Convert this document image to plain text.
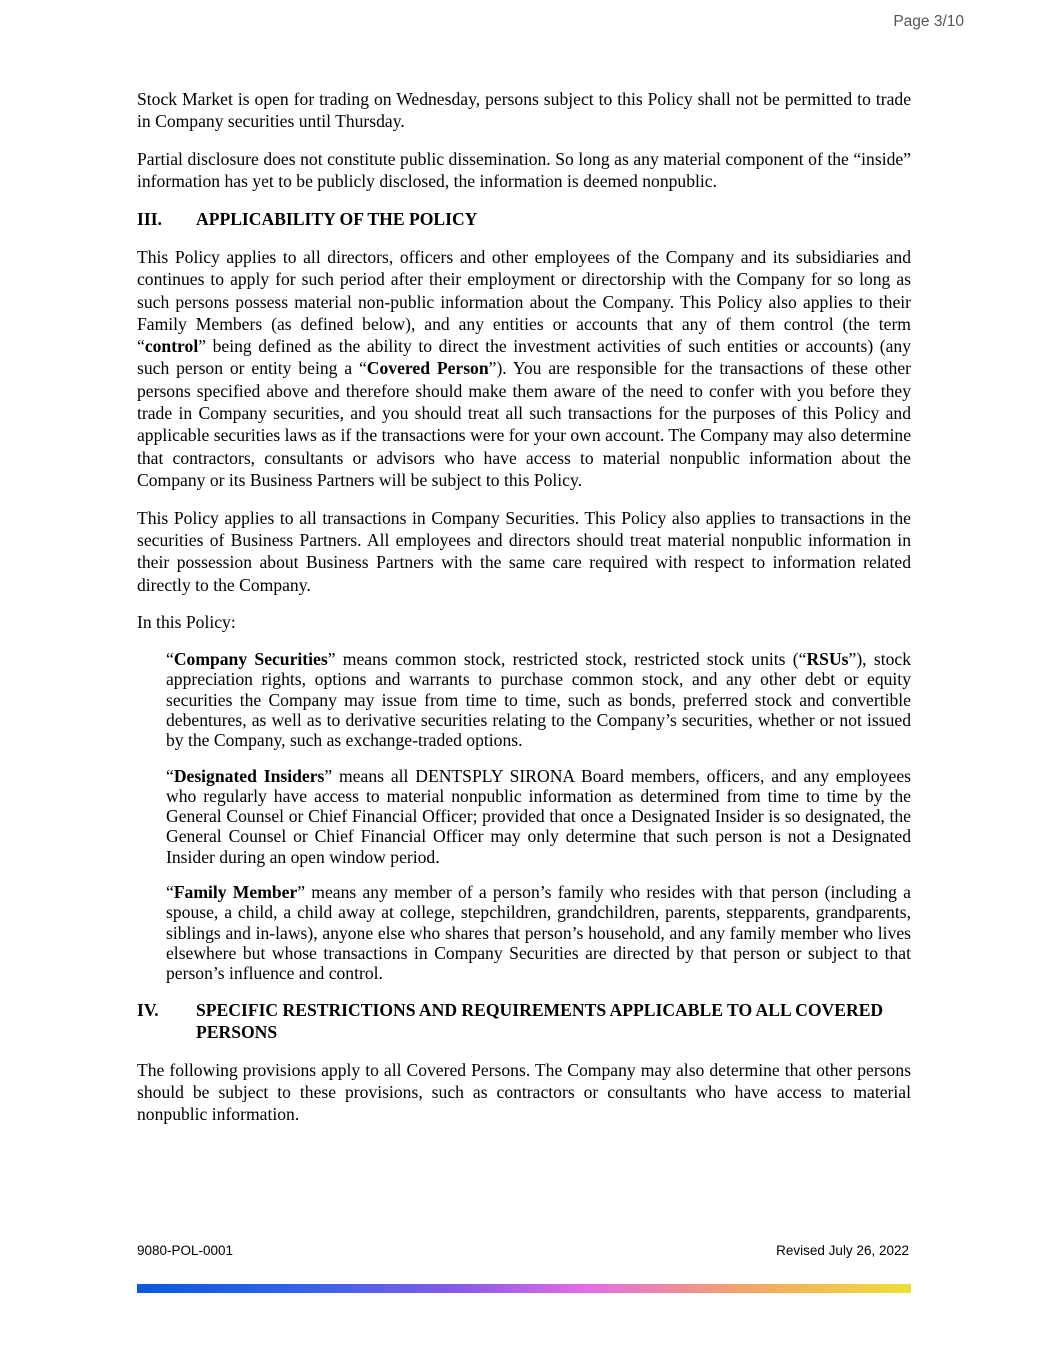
Page 3/10

Stock Market is open for trading on Wednesday, persons subject to this Policy shall not be permitted to trade in Company securities until Thursday.

Partial disclosure does not constitute public dissemination. So long as any material component of the “inside” information has yet to be publicly disclosed, the information is deemed nonpublic.

III.	APPLICABILITY OF THE POLICY

This Policy applies to all directors, officers and other employees of the Company and its subsidiaries and continues to apply for such period after their employment or directorship with the Company for so long as such persons possess material non-public information about the Company. This Policy also applies to their Family Members (as defined below), and any entities or accounts that any of them control (the term “control” being defined as the ability to direct the investment activities of such entities or accounts) (any such person or entity being a “Covered Person”). You are responsible for the transactions of these other persons specified above and therefore should make them aware of the need to confer with you before they trade in Company securities, and you should treat all such transactions for the purposes of this Policy and applicable securities laws as if the transactions were for your own account. The Company may also determine that contractors, consultants or advisors who have access to material nonpublic information about the Company or its Business Partners will be subject to this Policy.

This Policy applies to all transactions in Company Securities. This Policy also applies to transactions in the securities of Business Partners. All employees and directors should treat material nonpublic information in their possession about Business Partners with the same care required with respect to information related directly to the Company.

In this Policy:

“Company Securities” means common stock, restricted stock, restricted stock units (“RSUs”), stock appreciation rights, options and warrants to purchase common stock, and any other debt or equity securities the Company may issue from time to time, such as bonds, preferred stock and convertible debentures, as well as to derivative securities relating to the Company’s securities, whether or not issued by the Company, such as exchange-traded options.

“Designated Insiders” means all DENTSPLY SIRONA Board members, officers, and any employees who regularly have access to material nonpublic information as determined from time to time by the General Counsel or Chief Financial Officer; provided that once a Designated Insider is so designated, the General Counsel or Chief Financial Officer may only determine that such person is not a Designated Insider during an open window period.

“Family Member” means any member of a person’s family who resides with that person (including a spouse, a child, a child away at college, stepchildren, grandchildren, parents, stepparents, grandparents, siblings and in-laws), anyone else who shares that person’s household, and any family member who lives elsewhere but whose transactions in Company Securities are directed by that person or subject to that person’s influence and control.

IV.	SPECIFIC RESTRICTIONS AND REQUIREMENTS APPLICABLE TO ALL COVERED PERSONS

The following provisions apply to all Covered Persons. The Company may also determine that other persons should be subject to these provisions, such as contractors or consultants who have access to material nonpublic information.

9080-POL-0001	Revised July 26, 2022
